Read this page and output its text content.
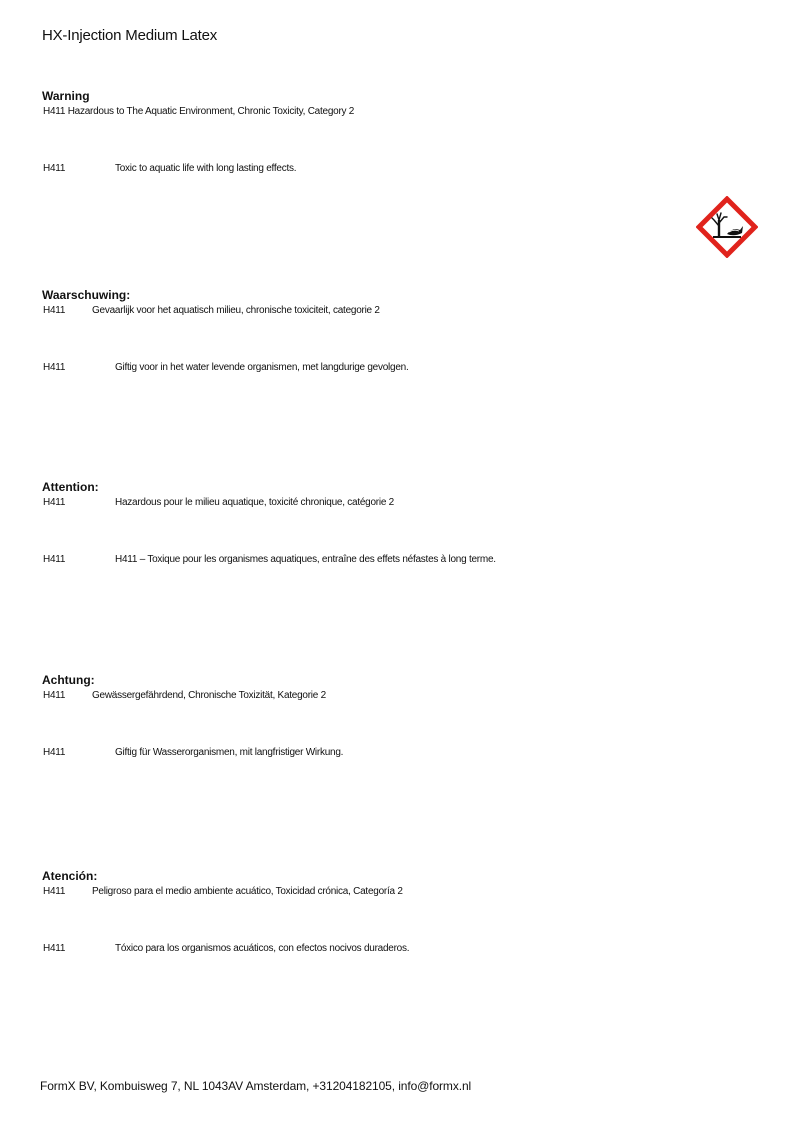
HX-Injection Medium Latex
Warning
H411 Hazardous to The Aquatic Environment, Chronic Toxicity, Category 2
H411	Toxic to aquatic life with long lasting effects.
Waarschuwing:
H411	Gevaarlijk voor het aquatisch milieu, chronische toxiciteit, categorie 2
H411	Giftig voor in het water levende organismen, met langdurige gevolgen.
Attention:
H411	Hazardous pour le milieu aquatique, toxicité chronique, catégorie 2
H411	H411 – Toxique pour les organismes aquatiques, entraîne des effets néfastes à long terme.
Achtung:
H411	Gewässergefährdend, Chronische Toxizität, Kategorie 2
H411	Giftig für Wasserorganismen, mit langfristiger Wirkung.
Atención:
H411	Peligroso para el medio ambiente acuático, Toxicidad crónica, Categoría 2
H411	Tóxico para los organismos acuáticos, con efectos nocivos duraderos.
FormX BV, Kombuisweg 7, NL 1043AV Amsterdam, +31204182105, info@formx.nl
